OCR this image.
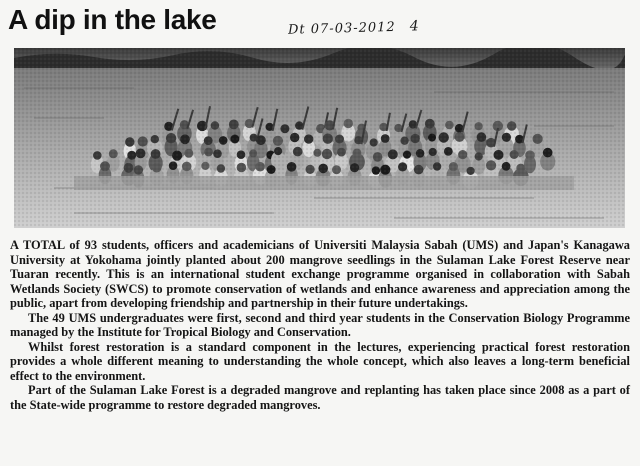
A dip in the lake	Dt 07-03-2012 4

A TOTAL of 93 students, officers and academicians of Universiti Malaysia Sabah (UMS) and Japan's Kanagawa University at Yokohama jointly planted about 200 mangrove seedlings in the Sulaman Lake Forest Reserve near Tuaran recently. This is an international student exchange programme organised in collaboration with Sabah Wetlands Society (SWCS) to promote conservation of wetlands and enhance awareness and appreciation among the public, apart from developing friendship and partnership in their future undertakings.

The 49 UMS undergraduates were first, second and third year students in the Conservation Biology Programme managed by the Institute for Tropical Biology and Conservation.

Whilst forest restoration is a standard component in the lectures, experiencing practical forest restoration provides a whole different meaning to understanding the whole concept, which also leaves a long-term beneficial effect to the environment.

Part of the Sulaman Lake Forest is a degraded mangrove and replanting has taken place since 2008 as a part of the State-wide programme to restore degraded mangroves.
